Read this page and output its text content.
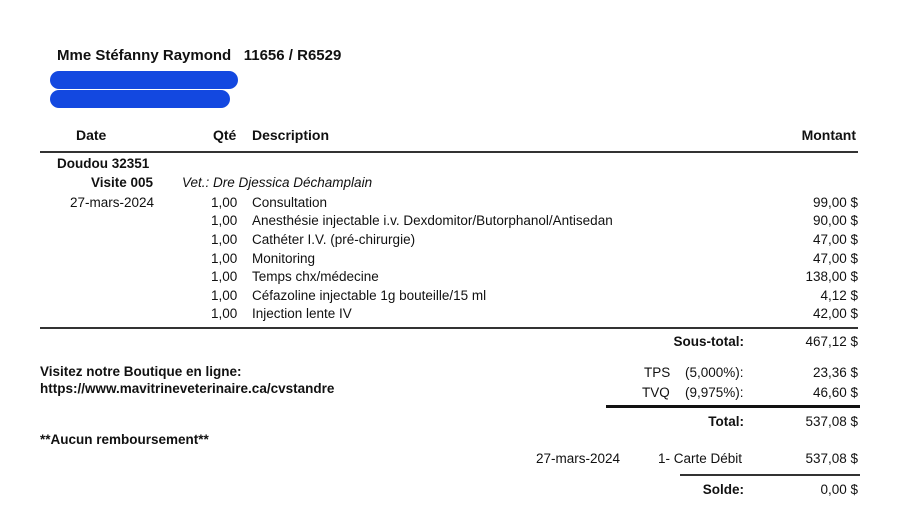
Mme Stéfanny Raymond 11656 / R6529
Date	Qté Description	Montant
Doudou 32351
Visite 005 Vet.: Dre Djessica Déchamplain
27-mars-2024	1,00 Consultation	99,00 $
1,00 Anesthésie injectable i.v. Dexdomitor/Butorphanol/Antisedan	90,00 $
1,00 Cathéter I.V. (pré-chirurgie)	47,00 $
1,00 Monitoring	47,00 $
1,00 Temps chx/médecine	138,00 $
1,00 Céfazoline injectable 1g bouteille/15 ml	4,12 $
1,00 Injection lente IV	42,00 $
Sous-total:	467,12 $
Visitez notre Boutique en ligne:
https://www.mavitrineveterinaire.ca/cvstandre
TPS (5,000%):	23,36 $
TVQ (9,975%):	46,60 $
Total:	537,08 $
**Aucun remboursement**
27-mars-2024	1- Carte Débit	537,08 $
Solde:	0,00 $
